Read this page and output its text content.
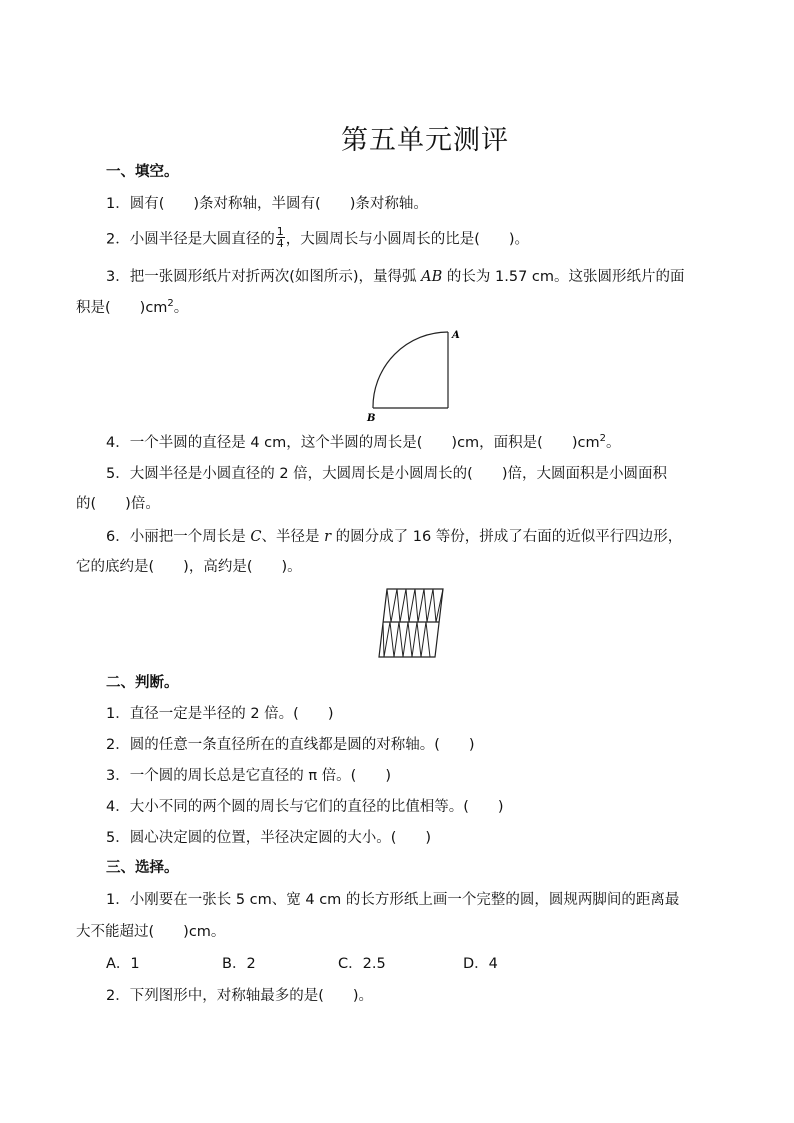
第五单元测评
一、填空。
1．圆有(　　)条对称轴，半圆有(　　)条对称轴。
2．小圆半径是大圆直径的 $\frac{1}{4}$ ，大圆周长与小圆周长的比是(　　)。
3．把一张圆形纸片对折两次(如图所示)，量得弧 AB 的长为 1.57 cm。这张圆形纸片的面
积是(　　)$cm^2$。
A
B
4．一个半圆的直径是 4 cm，这个半圆的周长是(　　)cm，面积是(　　)$cm^2$。
5．大圆半径是小圆直径的 2 倍，大圆周长是小圆周长的(　　)倍，大圆面积是小圆面积
的(　　)倍。
6．小丽把一个周长是 C、半径是 r 的圆分成了 16 等份，拼成了右面的近似平行四边形，
它的底约是(　　)，高约是(　　)。
二、判断。
1．直径一定是半径的 2 倍。(　　)
2．圆的任意一条直径所在的直线都是圆的对称轴。(　　)
3．一个圆的周长总是它直径的 π 倍。(　　)
4．大小不同的两个圆的周长与它们的直径的比值相等。(　　)
5．圆心决定圆的位置，半径决定圆的大小。(　　)
三、选择。
1．小刚要在一张长 5 cm、宽 4 cm 的长方形纸上画一个完整的圆，圆规两脚间的距离最
大不能超过(　　)cm。
A．1	B．2	C．2.5	D．4
2．下列图形中，对称轴最多的是(　　)。
